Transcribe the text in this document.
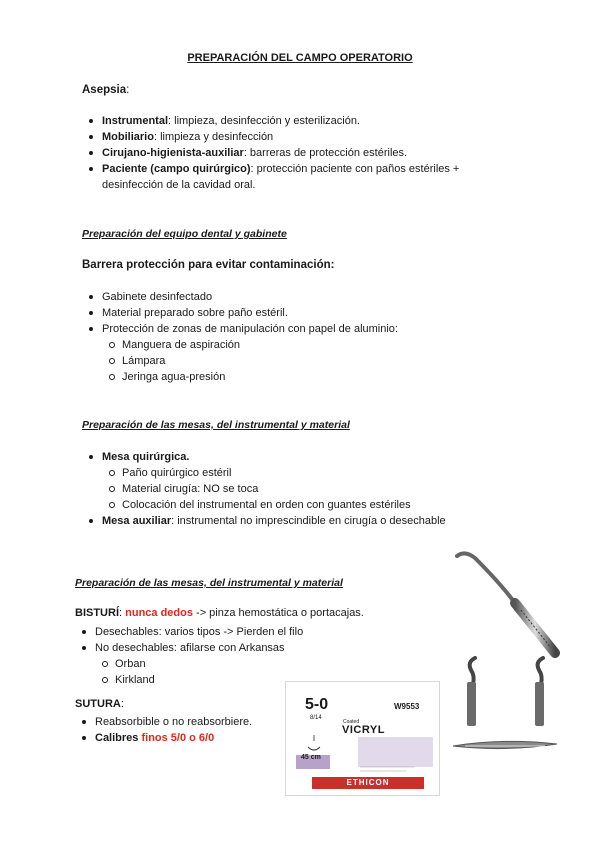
PREPARACIÓN DEL CAMPO OPERATORIO
Asepsia:
Instrumental: limpieza, desinfección y esterilización.
Mobiliario: limpieza y desinfección
Cirujano-higienista-auxiliar: barreras de protección estériles.
Paciente (campo quirúrgico): protección paciente con paños estériles +
desinfección de la cavidad oral.
Preparación del equipo dental y gabinete
Barrera protección para evitar contaminación:
Gabinete desinfectado
Material preparado sobre paño estéril.
Protección de zonas de manipulación con papel de aluminio:
Manguera de aspiración
Lámpara
Jeringa agua-presión
Preparación de las mesas, del instrumental y material
Mesa quirúrgica.
Paño quirúrgico estéril
Material cirugía: NO se toca
Colocación del instrumental en orden con guantes estériles
Mesa auxiliar: instrumental no imprescindible en cirugía o desechable
Preparación de las mesas, del instrumental y material
BISTURÍ: nunca dedos -> pinza hemostática o portacajas.
Desechables: varios tipos -> Pierden el filo
No desechables: afilarse con Arkansas
Orban
Kirkland
SUTURA:
Reabsorbible o no reabsorbiere.
Calibres finos 5/0 o 6/0
5-0
8/14
W9553
Coated
VICRYL
45 cm
ETHICON
